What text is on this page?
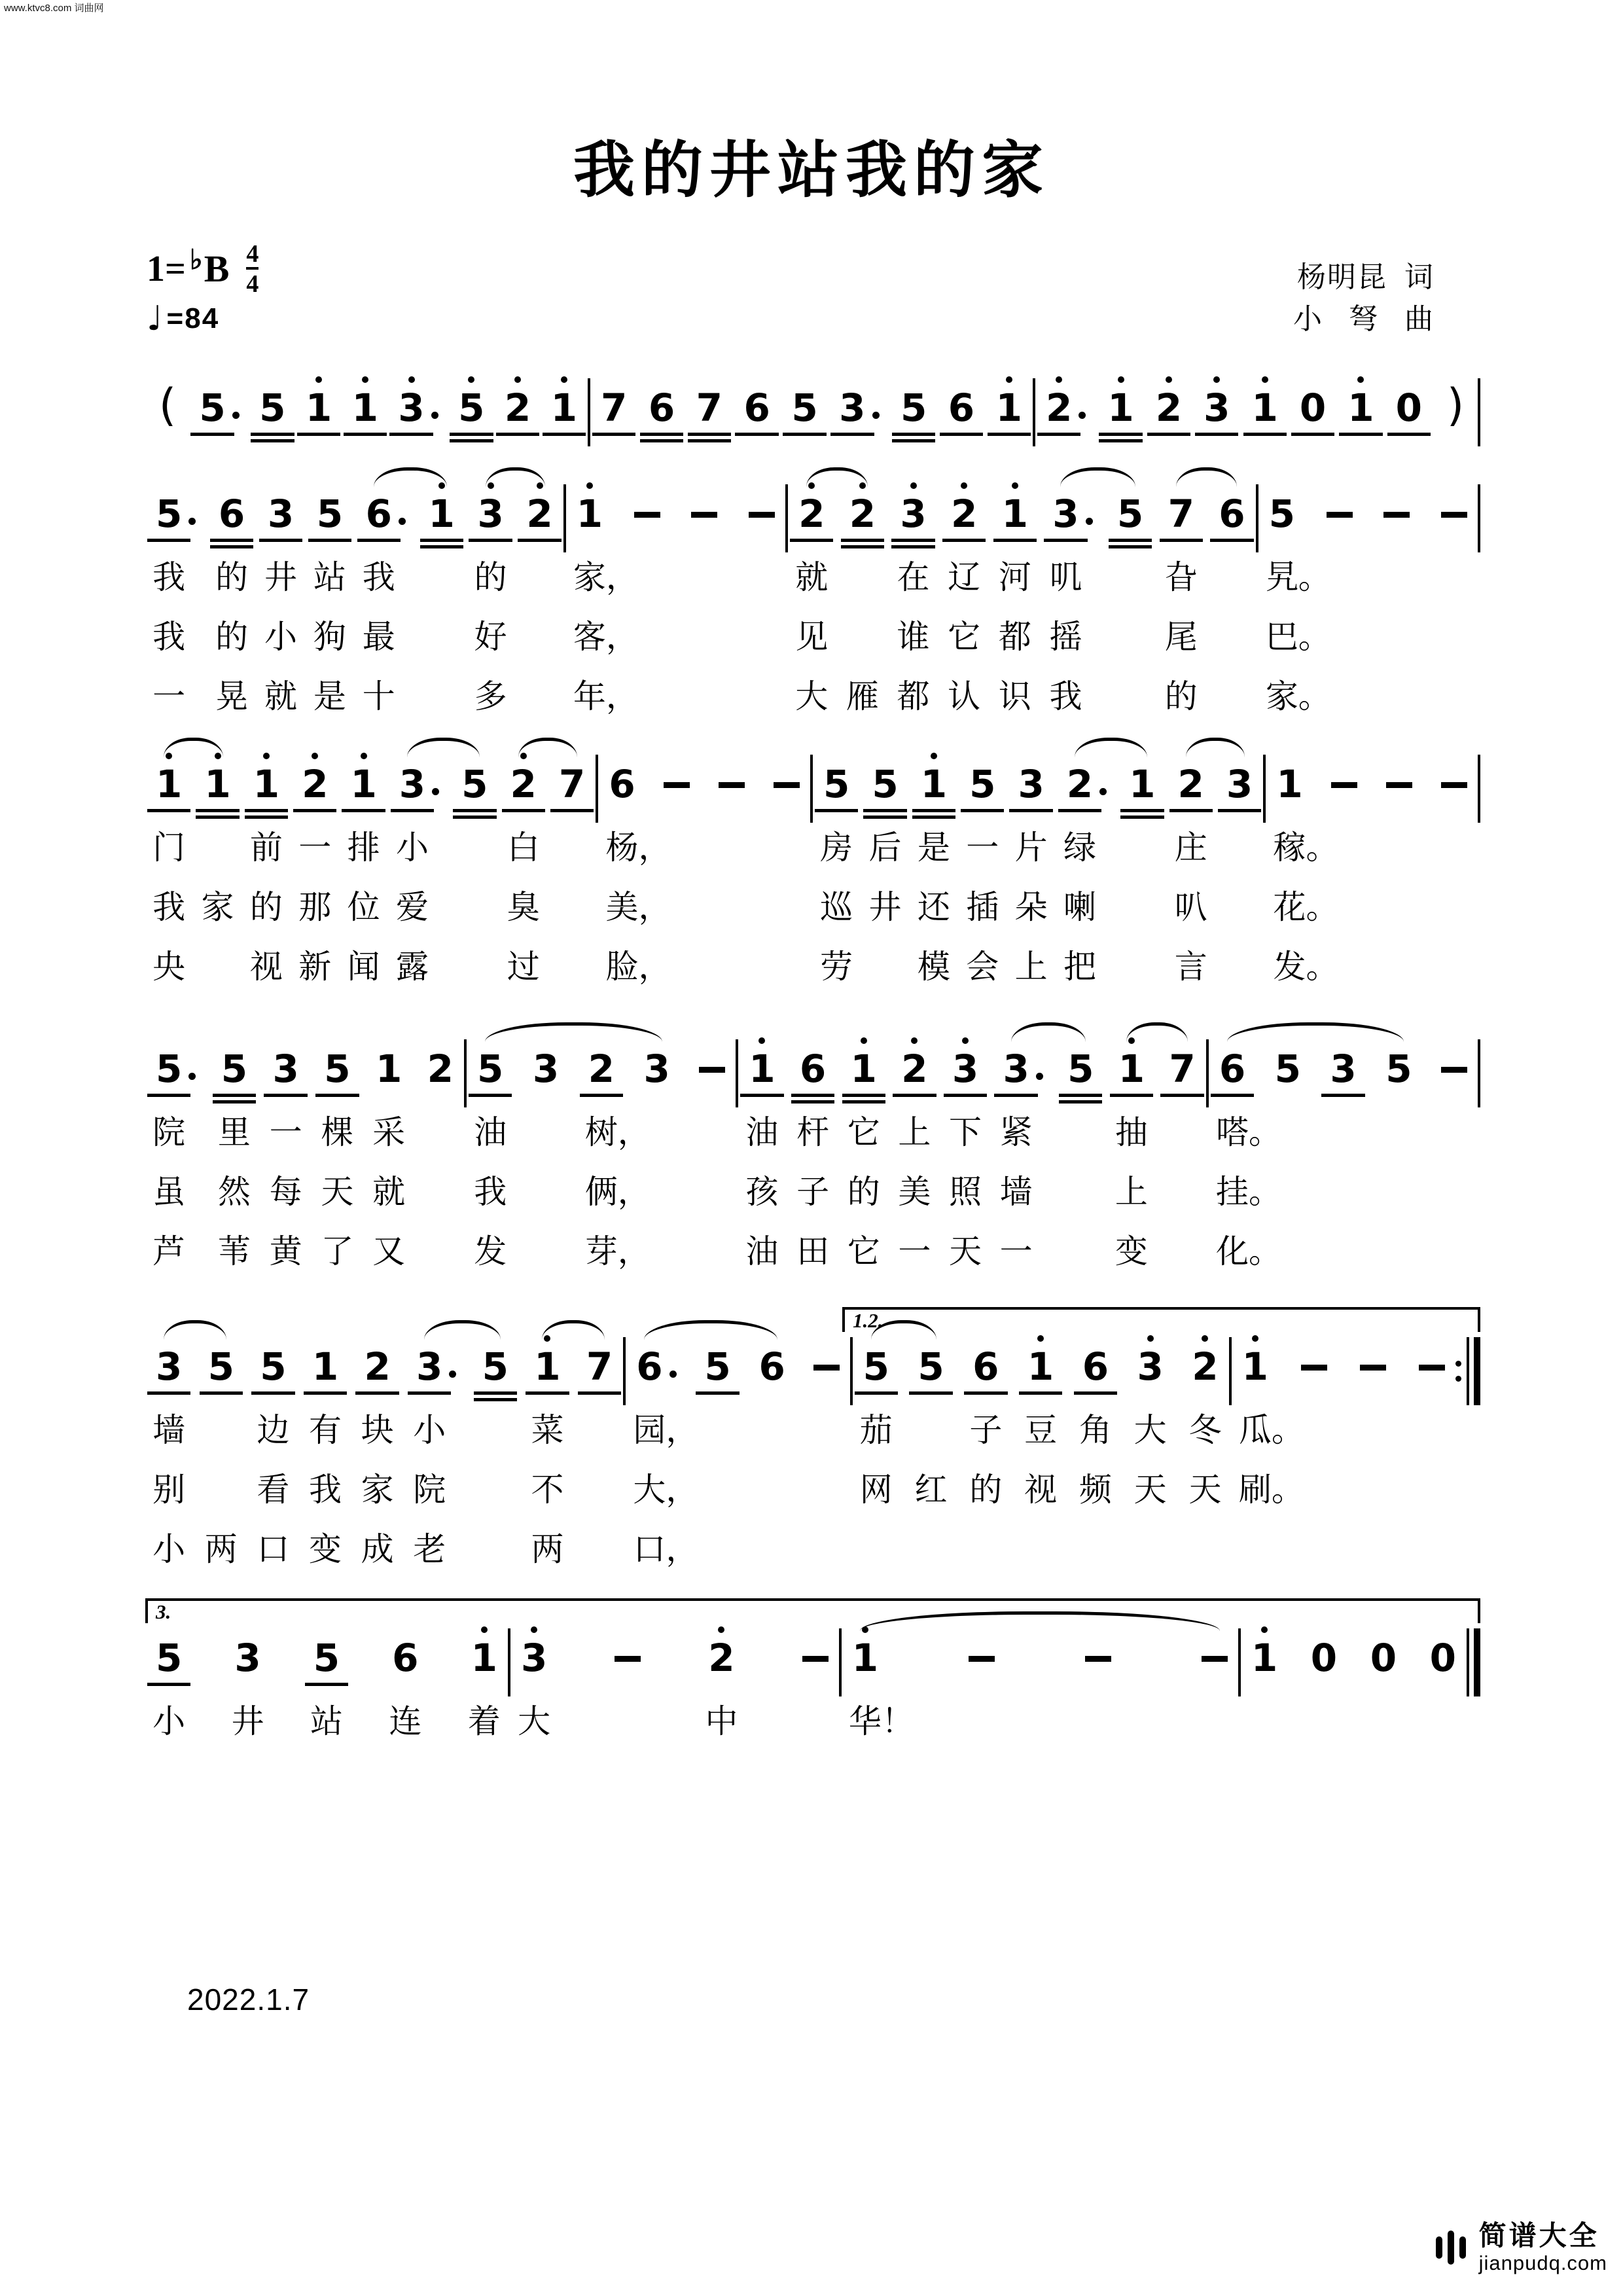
www.ktvc8.com 词曲网
我的井站我的家
1= ♭ B $\frac{4}{4}$
♩ =84
杨明昆  词
小   弩   曲
( 5 5 1 1 3 5 2 1 7 6 7 6 5 3 5 6 1 2 1 2 3 1 0 1 0 )
5 6 3 5 6 1 3 2 1	2 2 3 2 1 3 5 7 6 5
我 的 井 站 我 的 家，	就 在 辽 河 叽	旮 旯。
我 的 小 狗 最 好 客，	见 谁 它 都 摇	尾 巴。
一 晃 就 是 十 多 年，	大 雁 都 认 识 我	的 家。
1 1 1 2 1 3 5 2 7 6	5 5 1 5 3 2 1 2 3 1
门 前 一 排 小 白 杨，	房 后 是 一 片 绿 庄 稼。
我 家 的 那 位 爱 臭 美，	巡 井 还 插 朵 喇 叭 花。
央 视 新 闻 露 过 脸，	劳 模 会 上 把 言 发。
5 5 3 5 1 2 5 3 2 3 1 6 1 2 3 3 5 1 7 6 5 3 5
院 里 一 棵 采 油 树，	油 杆 它 上 下 紧	抽 嗒。
虽 然 每 天 就 我 俩，	孩 子 的 美 照 墙	上 挂。
芦 苇 黄 了 又 发 芽，	油 田 它 一 天 一	变 化。
3 5 5 1 2 3 5 1 7 6 5 6 5 5 6 1 6 3 2 1
墙 边 有 块 小	菜 园，	茄 子 豆 角 大 冬 瓜。
别 看 我 家 院	不 大，	网 红 的 视 频 天 天 刷。
小 两 口 变 成 老	两 口，
1.2.
5 3 5 6 1 3	2	1	1 0 0 0
小 井 站 连 着 大	中	华！
3.
2022.1.7
简谱大全
jianpudq.com
